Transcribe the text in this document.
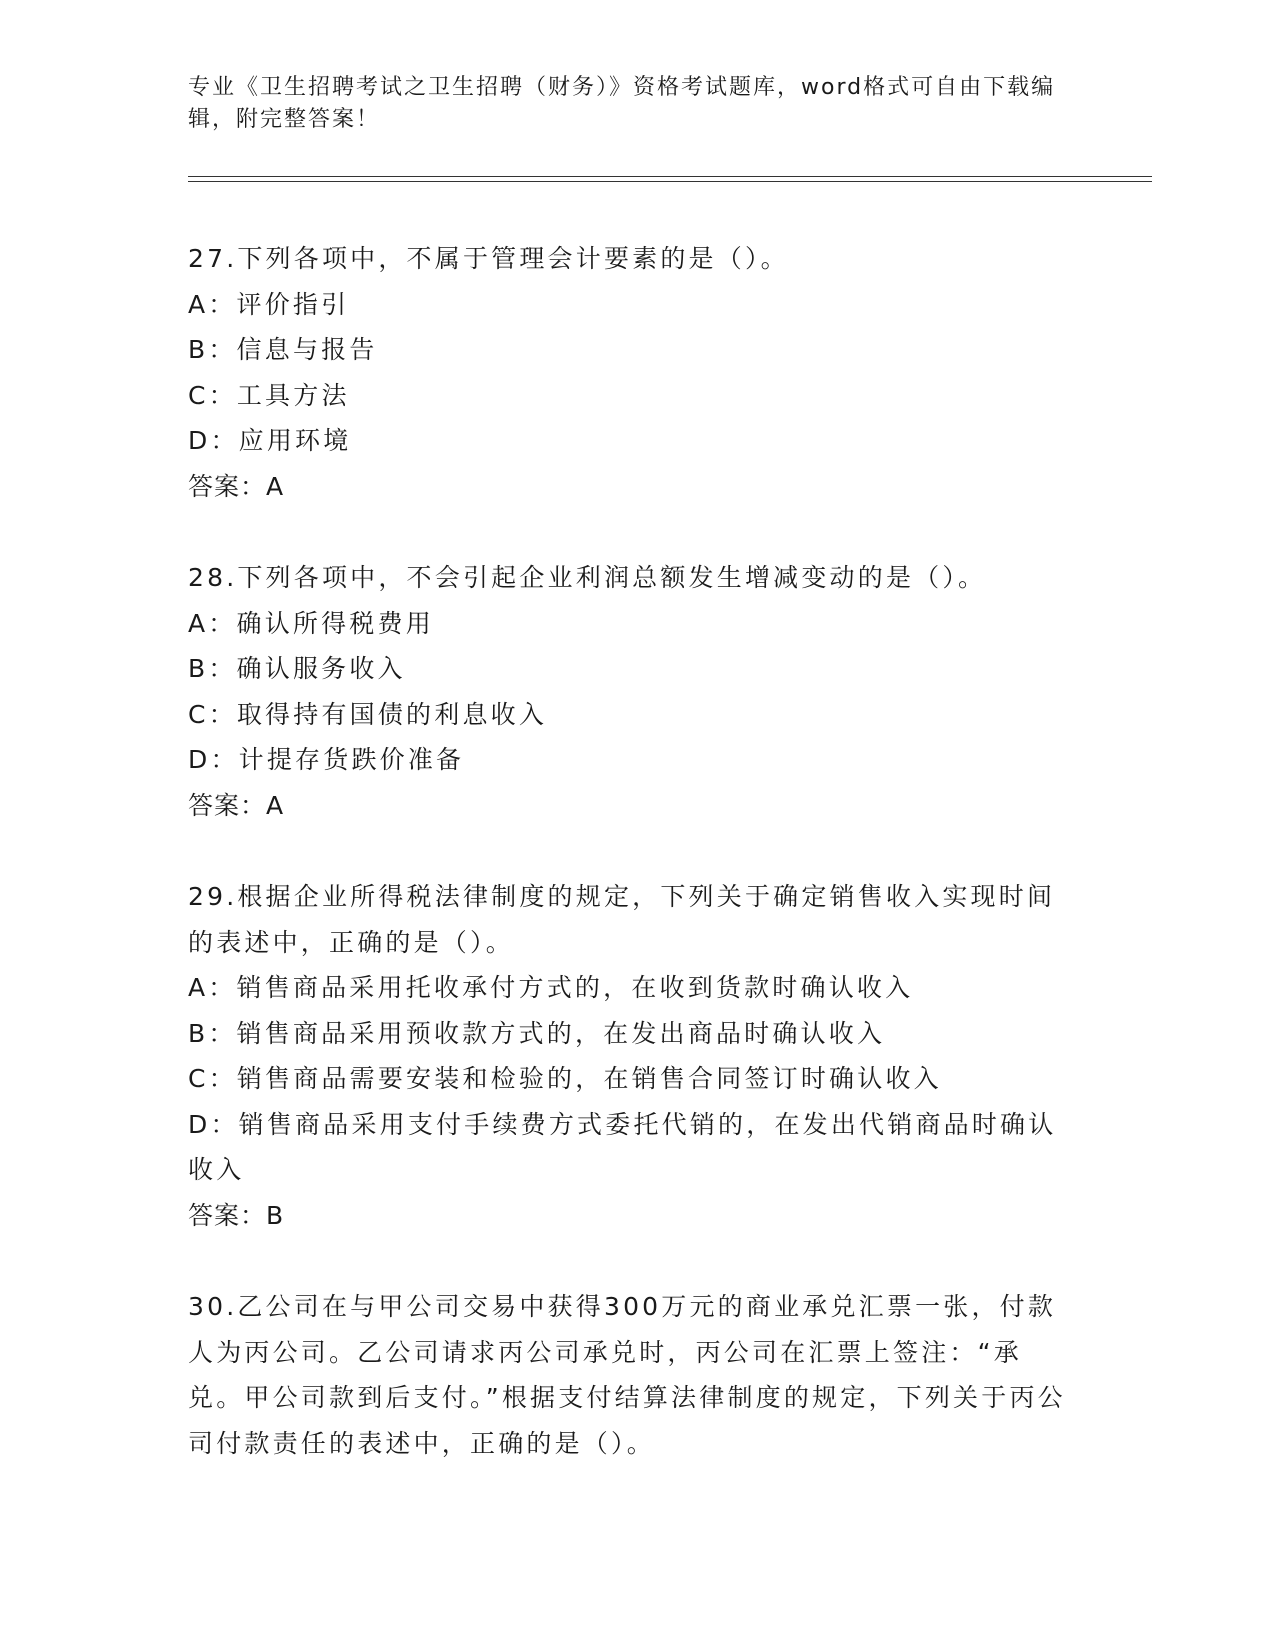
专业《卫生招聘考试之卫生招聘（财务）》资格考试题库，word格式可自由下载编辑，附完整答案！
27.下列各项中，不属于管理会计要素的是（）。
A：评价指引
B：信息与报告
C：工具方法
D：应用环境
答案：A
28.下列各项中，不会引起企业利润总额发生增减变动的是（）。
A：确认所得税费用
B：确认服务收入
C：取得持有国债的利息收入
D：计提存货跌价准备
答案：A
29.根据企业所得税法律制度的规定，下列关于确定销售收入实现时间的表述中，正确的是（）。
A：销售商品采用托收承付方式的，在收到货款时确认收入
B：销售商品采用预收款方式的，在发出商品时确认收入
C：销售商品需要安装和检验的，在销售合同签订时确认收入
D：销售商品采用支付手续费方式委托代销的，在发出代销商品时确认收入
答案：B
30.乙公司在与甲公司交易中获得300万元的商业承兑汇票一张，付款人为丙公司。乙公司请求丙公司承兑时，丙公司在汇票上签注：“承兑。甲公司款到后支付。”根据支付结算法律制度的规定，下列关于丙公司付款责任的表述中，正确的是（）。
